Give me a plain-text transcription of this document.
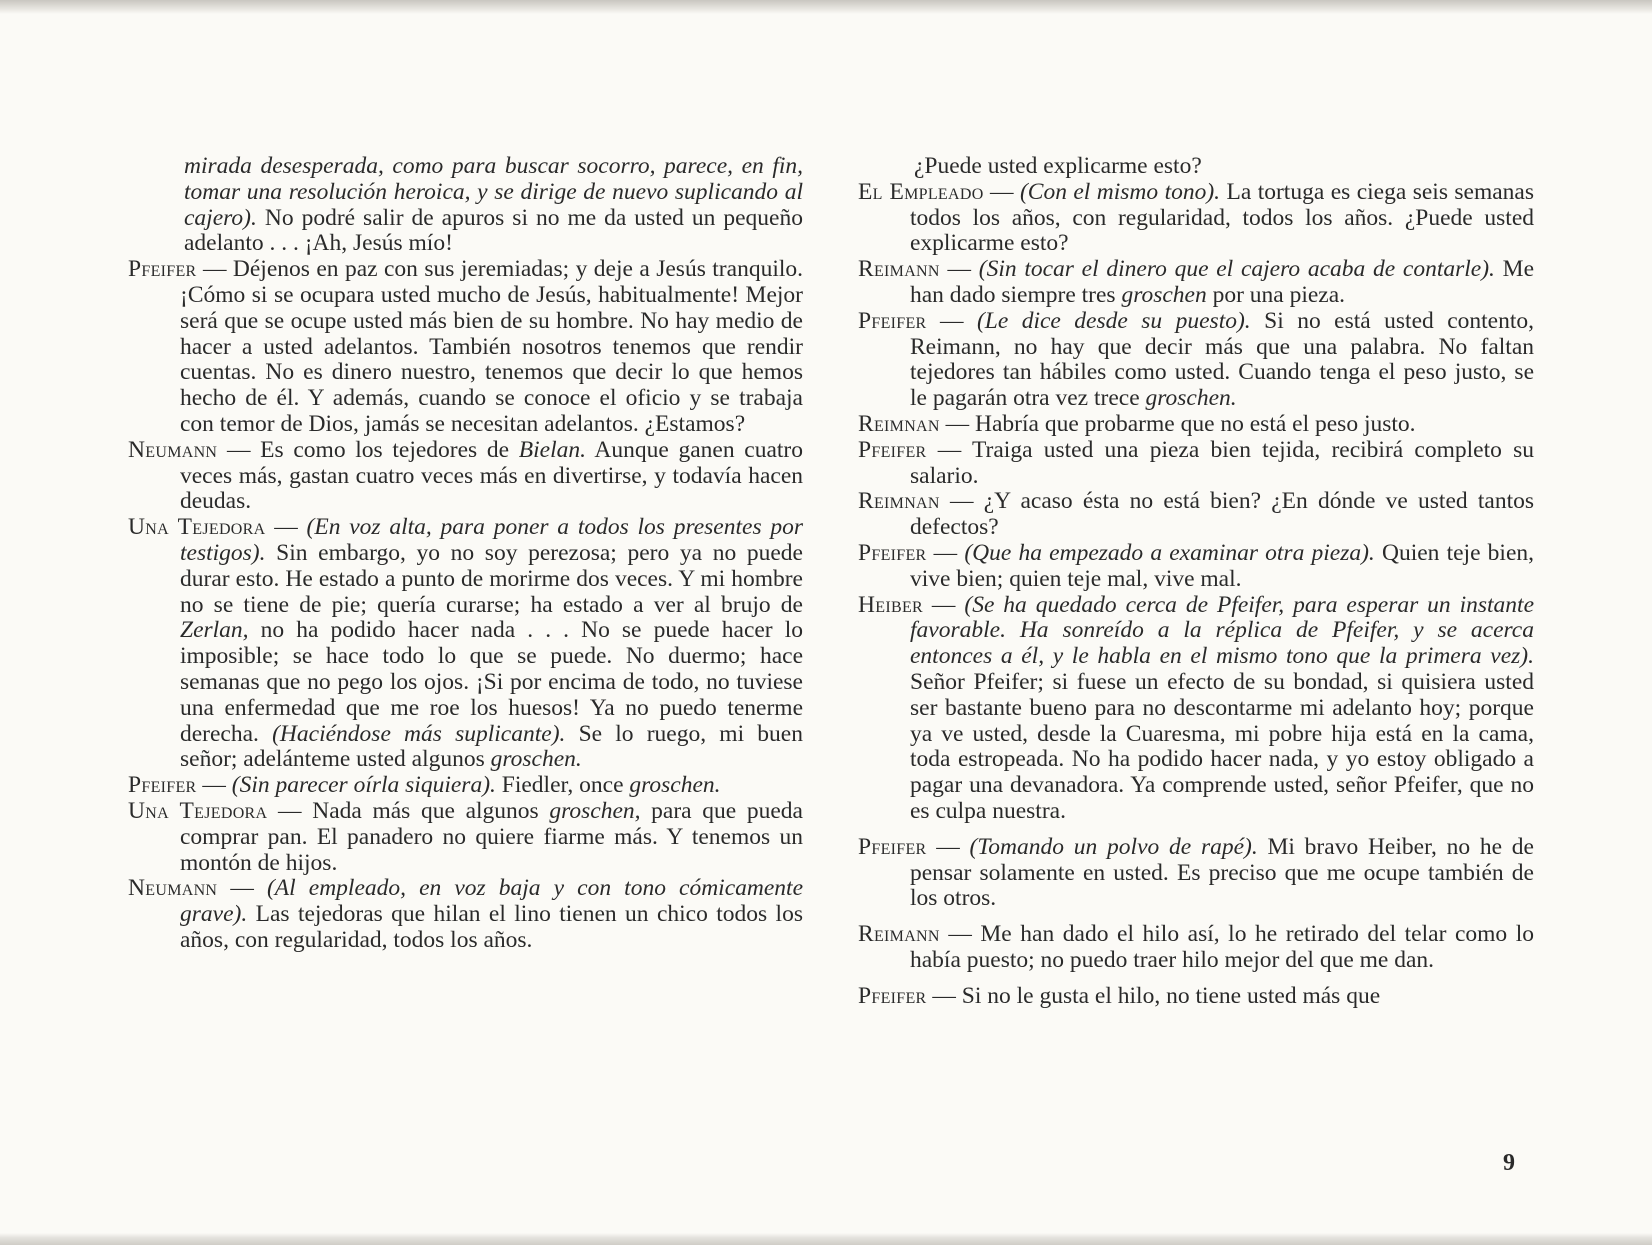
mirada desesperada, como para buscar socorro, parece, en fin, tomar una resolución heroica, y se dirige de nuevo suplicando al cajero). No podré salir de apuros si no me da usted un pequeño adelanto . . . ¡Ah, Jesús mío!

Pfeifer — Déjenos en paz con sus jeremiadas; y deje a Jesús tranquilo. ¡Cómo si se ocupara usted mucho de Jesús, habitualmente! Mejor será que se ocupe usted más bien de su hombre. No hay medio de hacer a usted adelantos. También nosotros tenemos que rendir cuentas. No es dinero nuestro, tenemos que decir lo que hemos hecho de él. Y además, cuando se conoce el oficio y se trabaja con temor de Dios, jamás se necesitan adelantos. ¿Estamos?

Neumann — Es como los tejedores de Bielan. Aunque ganen cuatro veces más, gastan cuatro veces más en divertirse, y todavía hacen deudas.

Una Tejedora — (En voz alta, para poner a todos los presentes por testigos). Sin embargo, yo no soy perezosa; pero ya no puede durar esto. He estado a punto de morirme dos veces. Y mi hombre no se tiene de pie; quería curarse; ha estado a ver al brujo de Zerlan, no ha podido hacer nada . . . No se puede hacer lo imposible; se hace todo lo que se puede. No duermo; hace semanas que no pego los ojos. ¡Si por encima de todo, no tuviese una enfermedad que me roe los huesos! Ya no puedo tenerme derecha. (Haciéndose más suplicante). Se lo ruego, mi buen señor; adelánteme usted algunos groschen.

Pfeifer — (Sin parecer oírla siquiera). Fiedler, once groschen.

Una Tejedora — Nada más que algunos groschen, para que pueda comprar pan. El panadero no quiere fiarme más. Y tenemos un montón de hijos.

Neumann — (Al empleado, en voz baja y con tono cómicamente grave). Las tejedoras que hilan el lino tienen un chico todos los años, con regularidad, todos los años.

¿Puede usted explicarme esto?

El Empleado — (Con el mismo tono). La tortuga es ciega seis semanas todos los años, con regularidad, todos los años. ¿Puede usted explicarme esto?

Reimann — (Sin tocar el dinero que el cajero acaba de contarle). Me han dado siempre tres groschen por una pieza.

Pfeifer — (Le dice desde su puesto). Si no está usted contento, Reimann, no hay que decir más que una palabra. No faltan tejedores tan hábiles como usted. Cuando tenga el peso justo, se le pagarán otra vez trece groschen.

Reimnan — Habría que probarme que no está el peso justo.

Pfeifer — Traiga usted una pieza bien tejida, recibirá completo su salario.

Reimnan — ¿Y acaso ésta no está bien? ¿En dónde ve usted tantos defectos?

Pfeifer — (Que ha empezado a examinar otra pieza). Quien teje bien, vive bien; quien teje mal, vive mal.

Heiber — (Se ha quedado cerca de Pfeifer, para esperar un instante favorable. Ha sonreído a la réplica de Pfeifer, y se acerca entonces a él, y le habla en el mismo tono que la primera vez). Señor Pfeifer; si fuese un efecto de su bondad, si quisiera usted ser bastante bueno para no descontarme mi adelanto hoy; porque ya ve usted, desde la Cuaresma, mi pobre hija está en la cama, toda estropeada. No ha podido hacer nada, y yo estoy obligado a pagar una devanadora. Ya comprende usted, señor Pfeifer, que no es culpa nuestra.

Pfeifer — (Tomando un polvo de rapé). Mi bravo Heiber, no he de pensar solamente en usted. Es preciso que me ocupe también de los otros.

Reimann — Me han dado el hilo así, lo he retirado del telar como lo había puesto; no puedo traer hilo mejor del que me dan.

Pfeifer — Si no le gusta el hilo, no tiene usted más que

9
